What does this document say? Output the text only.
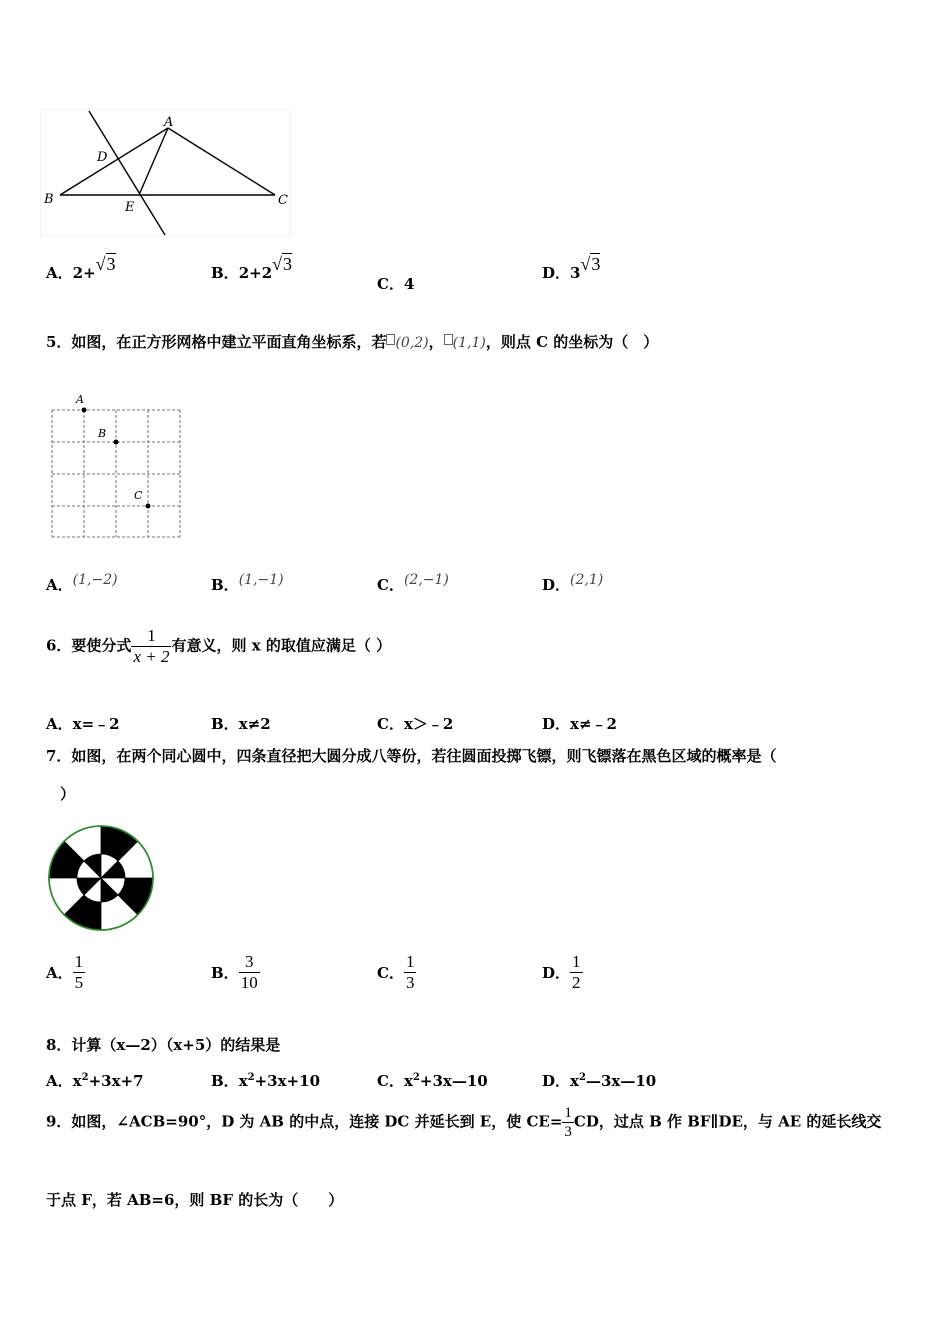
A
D
B
E	C
A．2+√3	B．2+2√3
C．4
D．3√3
5．如图，在正方形网格中建立平面直角坐标系，若 (0,2)， (1,1)，则点 C 的坐标为（　）
A
B
C
A．(1,−2)	B．(1,−1)	C．(2,−1)	D．(2,1)
6．要使分式 $\frac{1}{x + 2}$ 有意义，则 x 的取值应满足（ ）
A．x=﹣2	B．x≠2	C．x＞﹣2	D．x≠﹣2
7．如图，在两个同心圆中，四条直径把大圆分成八等份，若往圆面投掷飞镖，则飞镖落在黑色区域的概率是（
）
A． $\frac{1}{5}$	B． $\frac{3}{10}$	C． $\frac{1}{3}$	D． $\frac{1}{2}$
8．计算（x—2）（x+5）的结果是
A．$x^2+3x+7$	B．$x^2+3x+10$	C．$x^2+3x—10$	D．$x^2—3x—10$
9．如图，∠ACB=90°，D 为 AB 的中点，连接 DC 并延长到 E，使 $CE= \frac{1}{3}$ CD，过点 B 作 BF∥DE，与 AE 的延长线交
于点 F，若 AB=6，则 BF 的长为（　　）
